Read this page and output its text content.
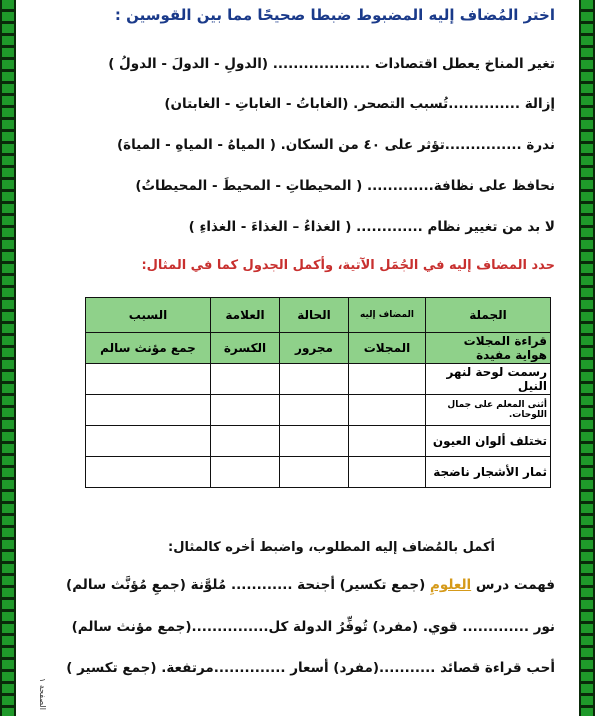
اختر المُضاف إليه المضبوط ضبطا صحيحًا مما بين القوسين :
تغير المناخ يعطل اقتصادات ................... (الدولِ - الدولَ - الدولُ )
إزالة ..............تُسبب التصحر. (الغاباتُ - الغاباتِ - الغابتان)
ندرة ...............تؤثر على ٤٠ من السكان. ( المياهُ - المياهِ - المياهَ)
نحافظ على نظافة............. ( المحيطاتِ - المحيطَ - المحيطاتُ)
لا بد من تغيير نظام ............. ( الغذاءُ – الغذاءَ - الغذاءِ )
حدد المضاف إليه في الجُمَل الآتية، وأكمل الجدول كما في المثال:
الجملة	المضاف إليه	الحالة	العلامة	السبب
قراءة المجلات هواية مفيدة	المجلات	مجرور	الكسرة	جمع مؤنث سالم
رسمت لوحة لنهر النيل				
أثنى المعلم على جمال اللوحات.				
تختلف ألوان العيون				
ثمار الأشجار ناضجة				
أكمل بالمُضاف إليه المطلوب، واضبط أخره كالمثال:
فهمت درس العلومِ (جمع تكسير) أجنحة ............ مُلوَّنة (جمعِ مُؤنَّث سالم)
نور ............. قوي. (مفرد) تُوفِّرُ الدولة كل...............(جمع مؤنث سالم)
أحب قراءة قصائد ...........(مفرد) أسعار ..............مرتفعة. (جمع تكسير )
الصفحة ١
